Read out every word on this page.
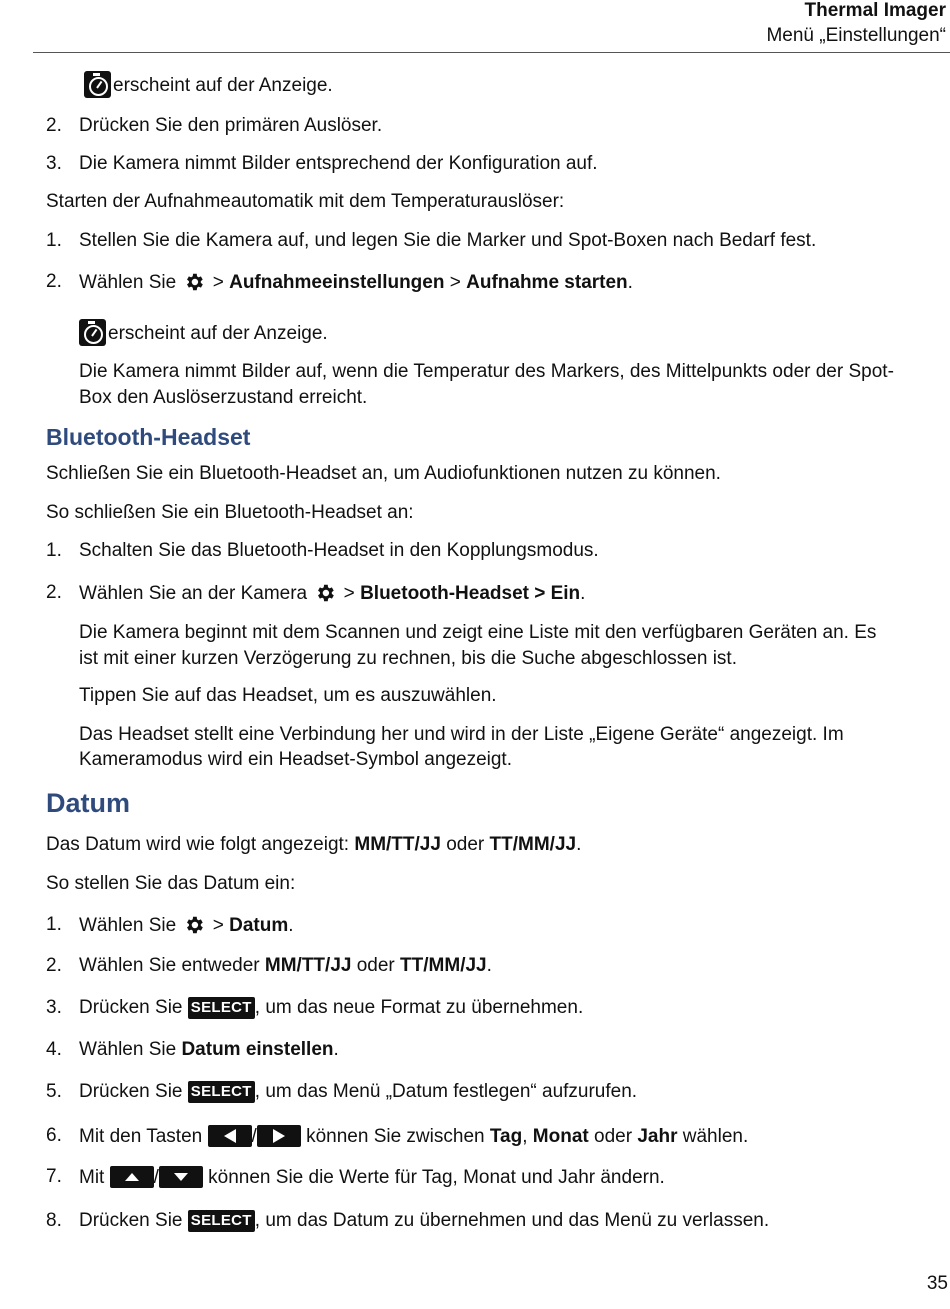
Thermal Imager
Menü „Einstellungen“
erscheint auf der Anzeige.
2. Drücken Sie den primären Auslöser.
3. Die Kamera nimmt Bilder entsprechend der Konfiguration auf.
Starten der Aufnahmeautomatik mit dem Temperaturauslöser:
1. Stellen Sie die Kamera auf, und legen Sie die Marker und Spot-Boxen nach Bedarf fest.
2. Wählen Sie  > Aufnahmeeinstellungen > Aufnahme starten.
erscheint auf der Anzeige.
Die Kamera nimmt Bilder auf, wenn die Temperatur des Markers, des Mittelpunkts oder der Spot-
Box den Auslöserzustand erreicht.
Bluetooth-Headset
Schließen Sie ein Bluetooth-Headset an, um Audiofunktionen nutzen zu können.
So schließen Sie ein Bluetooth-Headset an:
1. Schalten Sie das Bluetooth-Headset in den Kopplungsmodus.
2. Wählen Sie an der Kamera  > Bluetooth-Headset > Ein.
Die Kamera beginnt mit dem Scannen und zeigt eine Liste mit den verfügbaren Geräten an. Es
ist mit einer kurzen Verzögerung zu rechnen, bis die Suche abgeschlossen ist.
Tippen Sie auf das Headset, um es auszuwählen.
Das Headset stellt eine Verbindung her und wird in der Liste „Eigene Geräte“ angezeigt. Im
Kameramodus wird ein Headset-Symbol angezeigt.
Datum
Das Datum wird wie folgt angezeigt: MM/TT/JJ oder TT/MM/JJ.
So stellen Sie das Datum ein:
1. Wählen Sie  > Datum.
2. Wählen Sie entweder MM/TT/JJ oder TT/MM/JJ.
3. Drücken Sie SELECT , um das neue Format zu übernehmen.
4. Wählen Sie Datum einstellen.
5. Drücken Sie SELECT , um das Menü „Datum festlegen“ aufzurufen.
6. Mit den Tasten
/
können Sie zwischen Tag, Monat oder Jahr wählen.
7. Mit
/
können Sie die Werte für Tag, Monat und Jahr ändern.
8. Drücken Sie SELECT , um das Datum zu übernehmen und das Menü zu verlassen.
35
